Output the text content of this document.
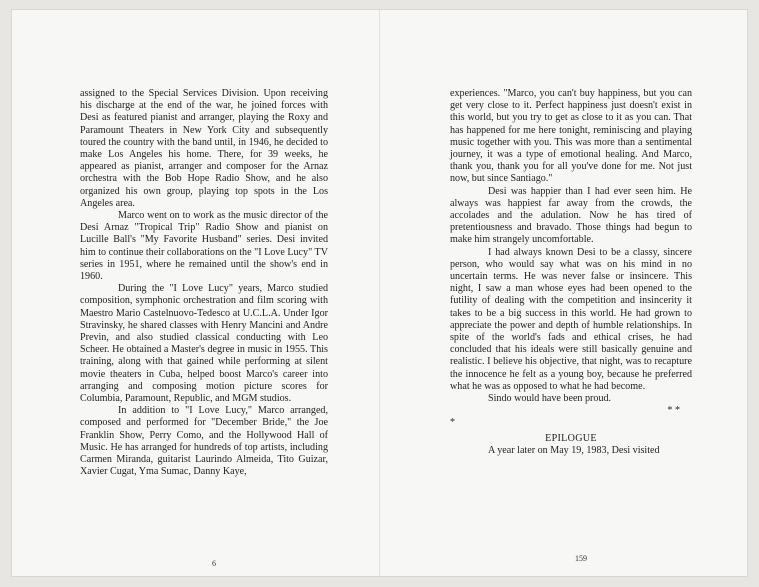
assigned to the Special Services Division. Upon receiving his discharge at the end of the war, he joined forces with Desi as featured pianist and arranger, playing the Roxy and Paramount Theaters in New York City and subsequently toured the country with the band until, in 1946, he decided to make Los Angeles his home. There, for 39 weeks, he appeared as pianist, arranger and composer for the Arnaz orchestra with the Bob Hope Radio Show, and he also organized his own group, playing top spots in the Los Angeles area.

Marco went on to work as the music director of the Desi Arnaz "Tropical Trip" Radio Show and pianist on Lucille Ball's "My Favorite Husband" series. Desi invited him to continue their collaborations on the "I Love Lucy" TV series in 1951, where he remained until the show's end in 1960.

During the "I Love Lucy" years, Marco studied composition, symphonic orchestration and film scoring with Maestro Mario Castelnuovo-Tedesco at U.C.L.A. Under Igor Stravinsky, he shared classes with Henry Mancini and Andre Previn, and also studied classical conducting with Leo Scheer. He obtained a Master's degree in music in 1955. This training, along with that gained while performing at silent movie theaters in Cuba, helped boost Marco's career into arranging and composing motion picture scores for Columbia, Paramount, Republic, and MGM studios.

In addition to "I Love Lucy," Marco arranged, composed and performed for "December Bride," the Joe Franklin Show, Perry Como, and the Hollywood Hall of Music. He has arranged for hundreds of top artists, including Carmen Miranda, guitarist Laurindo Almeida, Tito Guizar, Xavier Cugat, Yma Sumac, Danny Kaye,

6

experiences. "Marco, you can't buy happiness, but you can get very close to it. Perfect happiness just doesn't exist in this world, but you try to get as close to it as you can. That has happened for me here tonight, reminiscing and playing music together with you. This was more than a sentimental journey, it was a type of emotional healing. And Marco, thank you, thank you for all you've done for me. Not just now, but since Santiago."

Desi was happier than I had ever seen him. He always was happiest far away from the crowds, the accolades and the adulation. Now he has tired of pretentiousness and bravado. Those things had begun to make him strangely uncomfortable.

I had always known Desi to be a classy, sincere person, who would say what was on his mind in no uncertain terms. He was never false or insincere. This night, I saw a man whose eyes had been opened to the futility of dealing with the competition and insincerity it takes to be a big success in this world. He had grown to appreciate the power and depth of humble relationships. In spite of the world's fads and ethical crises, he had concluded that his ideals were still basically genuine and realistic. I believe his objective, that night, was to recapture the innocence he felt as a young boy, because he preferred what he was as opposed to what he had become.

Sindo would have been proud.

* *

*

EPILOGUE

A year later on May 19, 1983, Desi visited

159
